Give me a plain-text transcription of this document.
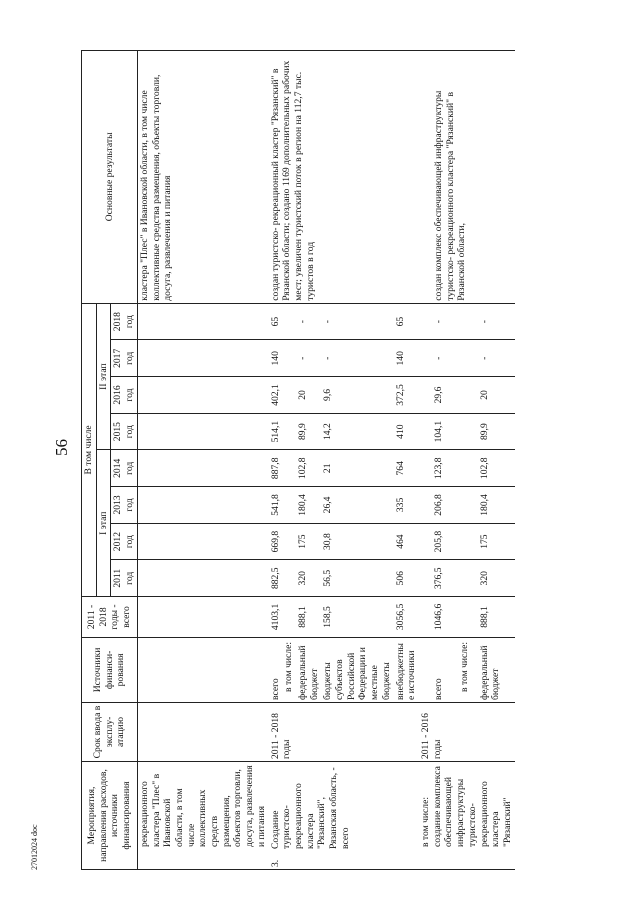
56
Мероприятия, направления расходов, источники финансирования	Срок ввода в эксплу- атацию	Источники финанси- рования	2011 - 2018 годы - всего	В том числе								Основные результаты
				I этап				II этап				
				2011 год	2012 год	2013 год	2014 год	2015 год	2016 год	2017 год	2018 год	
рекреационного кластера "Плес" в Ивановской области, в том числе коллективных средств размещения, объектов торговли, досуга, развлечения и питания												кластера "Плес" в Ивановской области, в том числе коллективные средства размещения, объекты торговли, досуга, развлечения и питания
3.Создание туристско- рекреационного кластера "Рязанский", Рязанская область, - всего	2011 - 2018 годы	всего	4103,1	882,5	669,8	541,8	887,8	514,1	402,1	140	65	создан туристско- рекреационный кластер "Рязанский" в Рязанской области; создано 1169 дополнительных рабочих мест; увеличен туристский поток в регион на 112,7 тыс. туристов в год
		в том числе:										
		федеральный бюджет	888,1	320	175	180,4	102,8	89,9	20	-	-	
		бюджеты субъектов Российской Федерации и местные бюджеты	158,5	56,5	30,8	26,4	21	14,2	9,6	-	-	
		внебюджетные источники	3056,5	506	464	335	764	410	372,5	140	65	
в том числе: создание комплекса обеспечивающей инфраструктуры туристско- рекреационного кластера "Рязанский"	2011 - 2016 годы	всего	1046,6	376,5	205,8	206,8	123,8	104,1	29,6	-	-	создан комплекс обеспечивающей инфраструктуры туристско- рекреационного кластера "Рязанский" в Рязанской области,
		в том числе:										
		федеральный бюджет	888,1	320	175	180,4	102,8	89,9	20	-	-	
27012024 doc
